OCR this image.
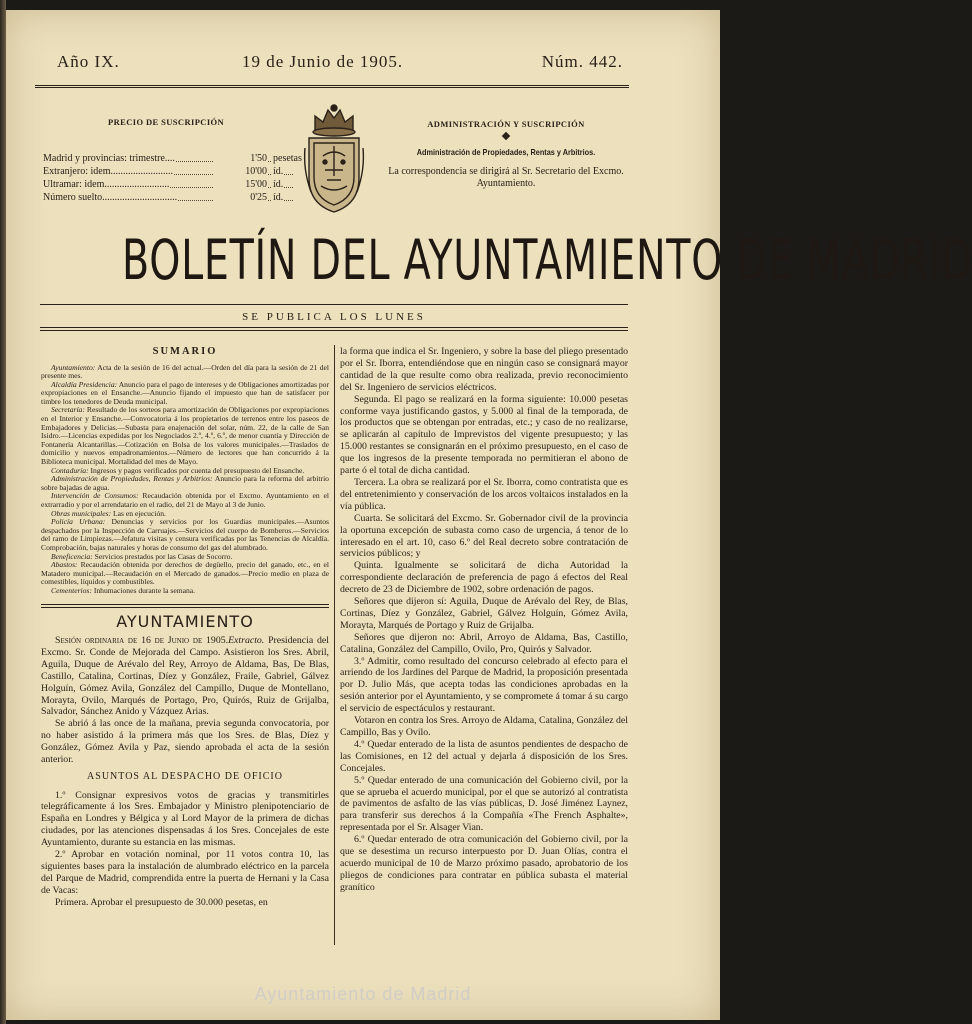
Año IX.	19 de Junio de 1905.	Núm. 442.
PRECIO DE SUSCRIPCIÓN
Madrid y provincias: trimestre....	1'50 pesetas
Extranjero: idem.........................	10'00 íd.
Ultramar: idem..........................	15'00 íd.
Número suelto..............................	0'25 íd.
ADMINISTRACIÓN Y SUSCRIPCIÓN
Administración de Propiedades, Rentas y Arbitrios.
La correspondencia se dirigirá al Sr. Secretario del Excmo. Ayuntamiento.
BOLETÍN DEL AYUNTAMIENTO DE MADRID
SE PUBLICA LOS LUNES
SUMARIO

Ayuntamiento: Acta de la sesión de 16 del actual.—Orden del día para la sesión de 21 del presente mes.

Alcaldía Presidencia: Anuncio para el pago de intereses y de Obligaciones amortizadas por expropiaciones en el Ensanche.—Anuncio fijando el impuesto que han de satisfacer por timbre los tenedores de Deuda municipal.

Secretaría: Resultado de los sorteos para amortización de Obligaciones por expropiaciones en el Interior y Ensanche.—Convocatoria á los propietarios de terrenos entre los paseos de Embajadores y Delicias.—Subasta para enajenación del solar, núm. 22, de la calle de San Isidro.—Licencias expedidas por los Negociados 2.º, 4.º, 6.º, de menor cuantía y Dirección de Fontanería Alcantarillas.—Cotización en Bolsa de los valores municipales.—Traslados de domicilio y nuevos empadronamientos.—Número de lectores que han concurrido á la Biblioteca municipal. Mortalidad del mes de Mayo.

Contaduría: Ingresos y pagos verificados por cuenta del presupuesto del Ensanche.

Administración de Propiedades, Rentas y Arbitrios: Anuncio para la reforma del arbitrio sobre bajadas de agua.

Intervención de Consumos: Recaudación obtenida por el Excmo. Ayuntamiento en el extrarradio y por el arrendatario en el radio, del 21 de Mayo al 3 de Junio.

Obras municipales: Las en ejecución.

Policía Urbana: Denuncias y servicios por los Guardias municipales.—Asuntos despachados por la Inspección de Carruajes.—Servicios del cuerpo de Bomberos.—Servicios del ramo de Limpiezas.—Jefatura visitas y censura verificadas por las Tenencias de Alcaldía. Comprobación, bajas naturales y horas de consumo del gas del alumbrado.

Beneficencia: Servicios prestados por las Casas de Socorro.

Abastos: Recaudación obtenida por derechos de degüello, precio del ganado, etc., en el Matadero municipal.—Recaudación en el Mercado de ganados.—Precio medio en plaza de comestibles, líquidos y combustibles.

Cementerios: Inhumaciones durante la semana.

AYUNTAMIENTO

Sesión ordinaria de 16 de Junio de 1905.Extracto. Presidencia del Excmo. Sr. Conde de Mejorada del Campo. Asistieron los Sres. Abril, Aguila, Duque de Arévalo del Rey, Arroyo de Aldama, Bas, De Blas, Castillo, Catalina, Cortinas, Díez y González, Fraile, Gabriel, Gálvez Holguín, Gómez Avila, González del Campillo, Duque de Montellano, Morayta, Ovilo, Marqués de Portago, Pro, Quirós, Ruiz de Grijalba, Salvador, Sánchez Anido y Vázquez Arias.

Se abrió á las once de la mañana, previa segunda convocatoria, por no haber asistido á la primera más que los Sres. de Blas, Díez y González, Gómez Avila y Paz, siendo aprobada el acta de la sesión anterior.

ASUNTOS AL DESPACHO DE OFICIO

1.º Consignar expresivos votos de gracias y transmitirles telegráficamente á los Sres. Embajador y Ministro plenipotenciario de España en Londres y Bélgica y al Lord Mayor de la primera de dichas ciudades, por las atenciones dispensadas á los Sres. Concejales de este Ayuntamiento, durante su estancia en las mismas.

2.º Aprobar en votación nominal, por 11 votos contra 10, las siguientes bases para la instalación de alumbrado eléctrico en la parcela del Parque de Madrid, comprendida entre la puerta de Hernani y la Casa de Vacas:

Primera. Aprobar el presupuesto de 30.000 pesetas, en

la forma que indica el Sr. Ingeniero, y sobre la base del pliego presentado por el Sr. Iborra, entendiéndose que en ningún caso se consignará mayor cantidad de la que resulte como obra realizada, previo reconocimiento del Sr. Ingeniero de servicios eléctricos.

Segunda. El pago se realizará en la forma siguiente: 10.000 pesetas conforme vaya justificando gastos, y 5.000 al final de la temporada, de los productos que se obtengan por entradas, etc.; y caso de no realizarse, se aplicarán al capítulo de Imprevistos del vigente presupuesto; y las 15.000 restantes se consignarán en el próximo presupuesto, en el caso de que los ingresos de la presente temporada no permitieran el abono de parte ó el total de dicha cantidad.

Tercera. La obra se realizará por el Sr. Iborra, como contratista que es del entretenimiento y conservación de los arcos voltaicos instalados en la vía pública.

Cuarta. Se solicitará del Excmo. Sr. Gobernador civil de la provincia la oportuna excepción de subasta como caso de urgencia, á tenor de lo interesado en el art. 10, caso 6.º del Real decreto sobre contratación de servicios públicos; y

Quinta. Igualmente se solicitará de dicha Autoridad la correspondiente declaración de preferencia de pago á efectos del Real decreto de 23 de Diciembre de 1902, sobre ordenación de pagos.

Señores que dijeron sí: Aguila, Duque de Arévalo del Rey, de Blas, Cortinas, Díez y González, Gabriel, Gálvez Holguín, Gómez Avila, Morayta, Marqués de Portago y Ruiz de Grijalba.

Señores que dijeron no: Abril, Arroyo de Aldama, Bas, Castillo, Catalina, González del Campillo, Ovilo, Pro, Quirós y Salvador.

3.º Admitir, como resultado del concurso celebrado al efecto para el arriendo de los Jardines del Parque de Madrid, la proposición presentada por D. Julio Más, que acepta todas las condiciones aprobadas en la sesión anterior por el Ayuntamiento, y se compromete á tomar á su cargo el servicio de espectáculos y restaurant.

Votaron en contra los Sres. Arroyo de Aldama, Catalina, González del Campillo, Bas y Ovilo.

4.º Quedar enterado de la lista de asuntos pendientes de despacho de las Comisiones, en 12 del actual y dejarla á disposición de los Sres. Concejales.

5.º Quedar enterado de una comunicación del Gobierno civil, por la que se aprueba el acuerdo municipal, por el que se autorizó al contratista de pavimentos de asfalto de las vías públicas, D. José Jiménez Laynez, para transferir sus derechos á la Compañía «The French Asphalte», representada por el Sr. Alsager Vian.

6.º Quedar enterado de otra comunicación del Gobierno civil, por la que se desestima un recurso interpuesto por D. Juan Olías, contra el acuerdo municipal de 10 de Marzo próximo pasado, aprobatorio de los pliegos de condiciones para contratar en pública subasta el material granítico

Ayuntamiento de Madrid
